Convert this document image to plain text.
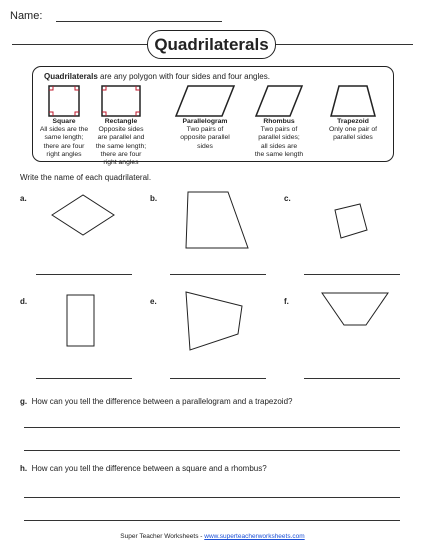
Name:
Quadrilaterals
Quadrilaterals are any polygon with four sides and four angles.
Square
All sides are the
same length;
there are four
right angles
Rectangle
Opposite sides
are parallel and
the same length;
there are four
right angles
Parallelogram
Two pairs of
opposite parallel
sides
Rhombus
Two pairs of
parallel sides;
all sides are
the same length
Trapezoid
Only one pair of
parallel sides
Write the name of each quadrilateral.
a.	b.	c.
d.	e.	f.
g. How can you tell the difference between a parallelogram and a trapezoid?
h. How can you tell the difference between a square and a rhombus?
Super Teacher Worksheets - www.superteacherworksheets.com
